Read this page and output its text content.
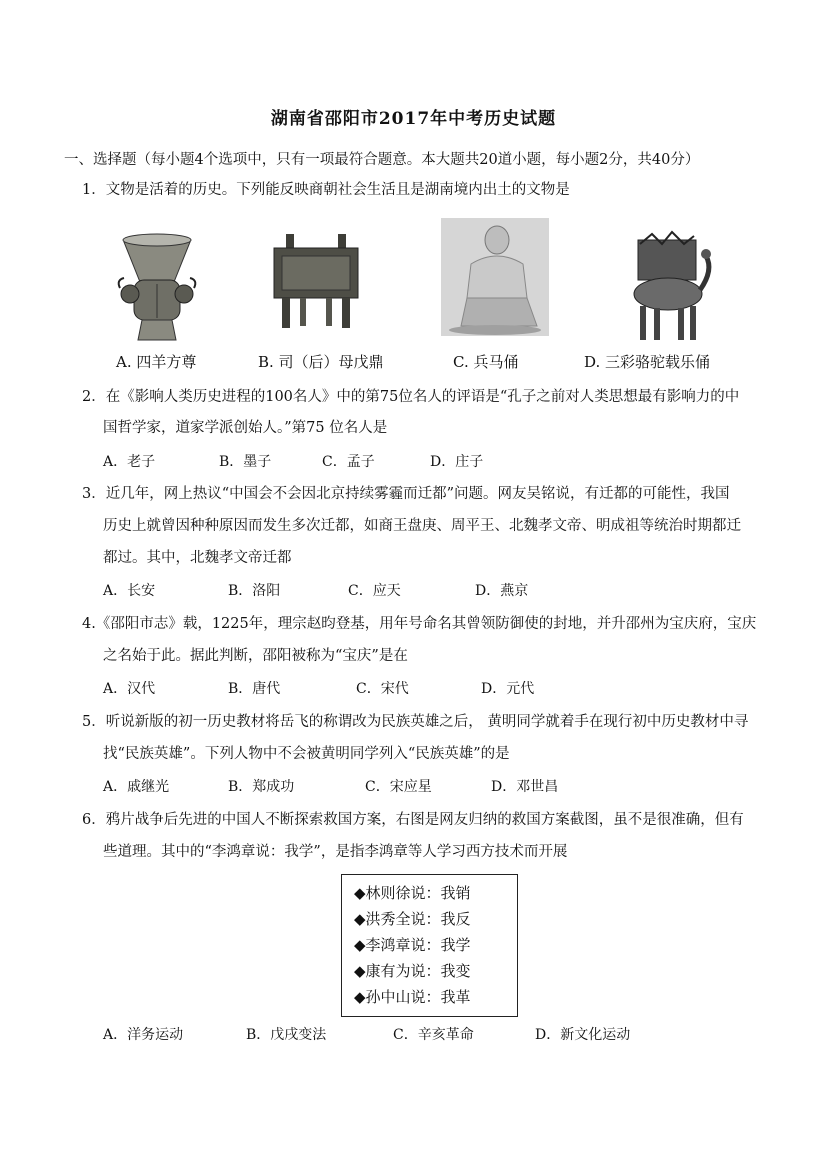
湖南省邵阳市2017年中考历史试题
一、选择题（每小题4个选项中，只有一项最符合题意。本大题共20道小题，每小题2分，共40分）
1．文物是活着的历史。下列能反映商朝社会生活且是湖南境内出土的文物是
A. 四羊方尊	B. 司（后）母戊鼎	C. 兵马俑	D. 三彩骆驼载乐俑
2．在《影响人类历史进程的100名人》中的第75位名人的评语是“孔子之前对人类思想最有影响力的中
国哲学家，道家学派创始人。”第75 位名人是
A．老子	B．墨子	C．孟子	D．庄子
3．近几年，网上热议“中国会不会因北京持续雾霾而迁都”问题。网友吴铭说，有迁都的可能性，我国
历史上就曾因种种原因而发生多次迁都，如商王盘庚、周平王、北魏孝文帝、明成祖等统治时期都迁
都过。其中，北魏孝文帝迁都
A．长安	B．洛阳	C．应天	D．燕京
4.《邵阳市志》载，1225年，理宗赵昀登基，用年号命名其曾领防御使的封地，并升邵州为宝庆府，宝庆
之名始于此。据此判断，邵阳被称为“宝庆”是在
A．汉代	B．唐代	C．宋代	D．元代
5．听说新版的初一历史教材将岳飞的称谓改为民族英雄之后， 黄明同学就着手在现行初中历史教材中寻
找“民族英雄”。下列人物中不会被黄明同学列入“民族英雄”的是
A．戚继光	B．郑成功	C．宋应星	D．邓世昌
6．鸦片战争后先进的中国人不断探索救国方案，右图是网友归纳的救国方案截图，虽不是很准确，但有
些道理。其中的“李鸿章说：我学”，是指李鸿章等人学习西方技术而开展
◆林则徐说：我销
◆洪秀全说：我反
◆李鸿章说：我学
◆康有为说：我变
◆孙中山说：我革
A．洋务运动	B．戊戌变法	C．辛亥革命	D．新文化运动
